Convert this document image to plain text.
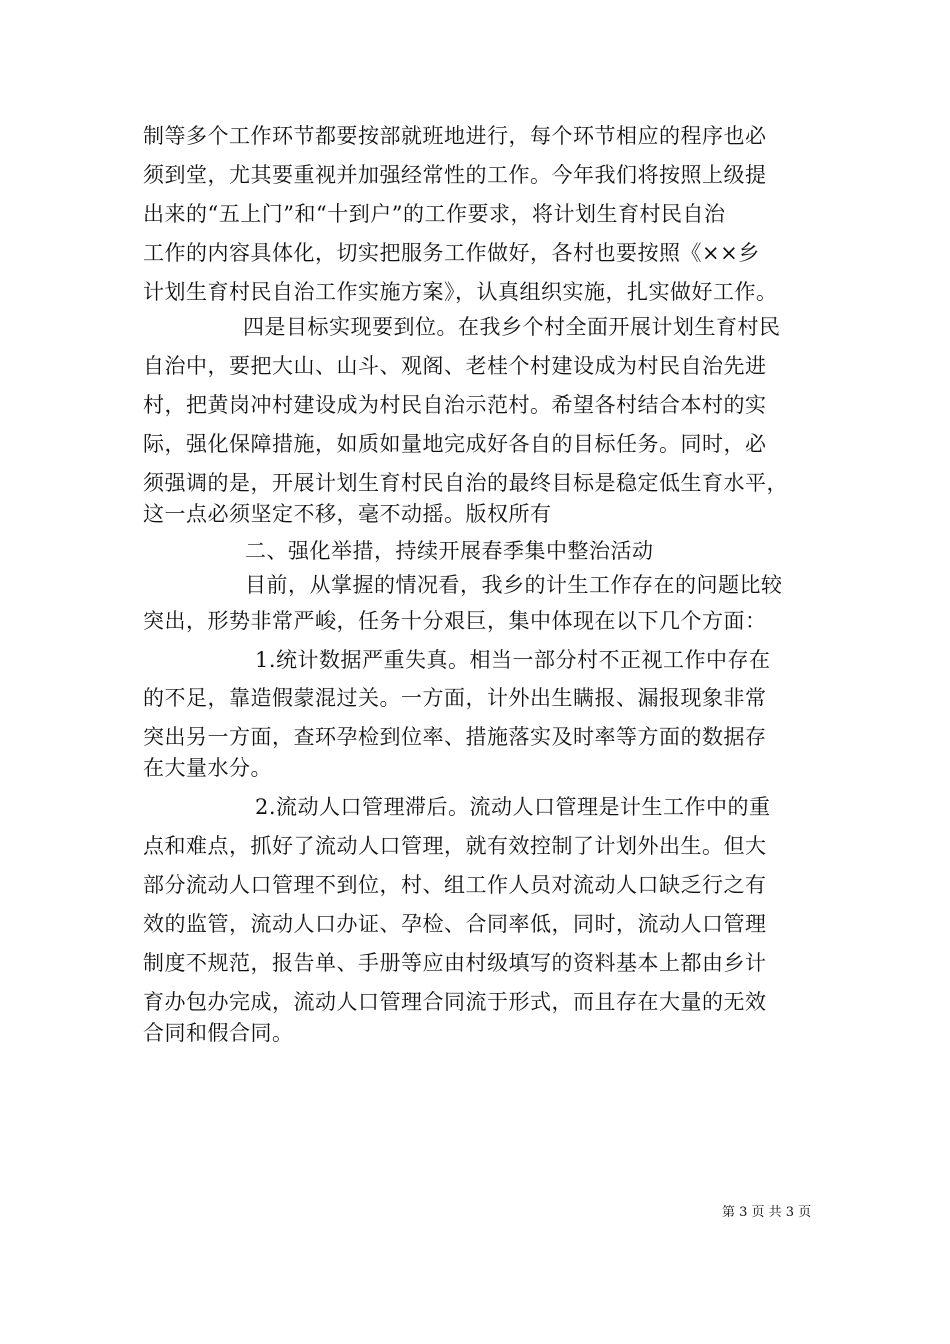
制等多个工作环节都要按部就班地进行，每个环节相应的程序也必
须到堂，尤其要重视并加强经常性的工作。今年我们将按照上级提
出来的“五上门”和“十到户”的工作要求，将计划生育村民自治
工作的内容具体化，切实把服务工作做好，各村也要按照《××乡
计划生育村民自治工作实施方案》，认真组织实施，扎实做好工作。
四是目标实现要到位。在我乡个村全面开展计划生育村民
自治中，要把大山、山斗、观阁、老桂个村建设成为村民自治先进
村，把黄岗冲村建设成为村民自治示范村。希望各村结合本村的实
际，强化保障措施，如质如量地完成好各自的目标任务。同时，必
须强调的是，开展计划生育村民自治的最终目标是稳定低生育水平，
这一点必须坚定不移，毫不动摇。版权所有
二、强化举措，持续开展春季集中整治活动
目前，从掌握的情况看，我乡的计生工作存在的问题比较
突出，形势非常严峻，任务十分艰巨，集中体现在以下几个方面：
1.统计数据严重失真。相当一部分村不正视工作中存在
的不足，靠造假蒙混过关。一方面，计外出生瞒报、漏报现象非常
突出另一方面，查环孕检到位率、措施落实及时率等方面的数据存
在大量水分。
2.流动人口管理滞后。流动人口管理是计生工作中的重
点和难点，抓好了流动人口管理，就有效控制了计划外出生。但大
部分流动人口管理不到位，村、组工作人员对流动人口缺乏行之有
效的监管，流动人口办证、孕检、合同率低，同时，流动人口管理
制度不规范，报告单、手册等应由村级填写的资料基本上都由乡计
育办包办完成，流动人口管理合同流于形式，而且存在大量的无效
合同和假合同。
第 3 页 共 3 页
